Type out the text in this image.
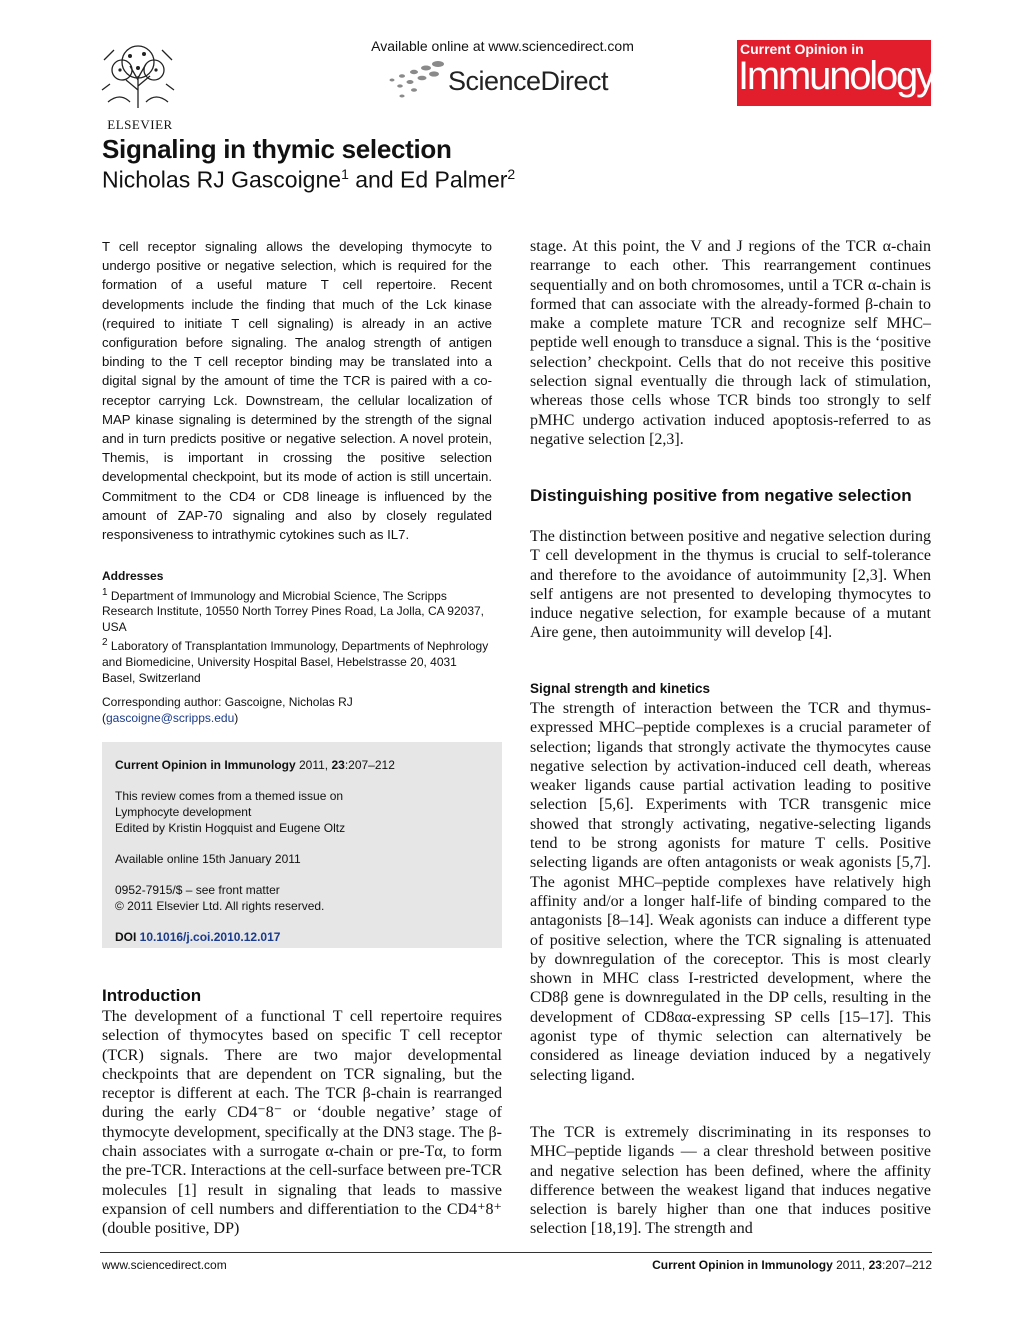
ELSEVIER
Available online at www.sciencedirect.com
ScienceDirect
Current Opinion in
Immunology
Signaling in thymic selection
Nicholas RJ Gascoigne$^1$ and Ed Palmer$^2$
T cell receptor signaling allows the developing thymocyte to undergo positive or negative selection, which is required for the formation of a useful mature T cell repertoire. Recent developments include the finding that much of the Lck kinase (required to initiate T cell signaling) is already in an active configuration before signaling. The analog strength of antigen binding to the T cell receptor binding may be translated into a digital signal by the amount of time the TCR is paired with a co-receptor carrying Lck. Downstream, the cellular localization of MAP kinase signaling is determined by the strength of the signal and in turn predicts positive or negative selection. A novel protein, Themis, is important in crossing the positive selection developmental checkpoint, but its mode of action is still uncertain. Commitment to the CD4 or CD8 lineage is influenced by the amount of ZAP-70 signaling and also by closely regulated responsiveness to intrathymic cytokines such as IL7.
Addresses
$^1$ Department of Immunology and Microbial Science, The Scripps Research Institute, 10550 North Torrey Pines Road, La Jolla, CA 92037, USA
$^2$ Laboratory of Transplantation Immunology, Departments of Nephrology and Biomedicine, University Hospital Basel, Hebelstrasse 20, 4031 Basel, Switzerland
Corresponding author: Gascoigne, Nicholas RJ
(gascoigne@scripps.edu)

Current Opinion in Immunology 2011, 23:207–212

This review comes from a themed issue on
Lymphocyte development
Edited by Kristin Hogquist and Eugene Oltz

Available online 15th January 2011

0952-7915/$ – see front matter
© 2011 Elsevier Ltd. All rights reserved.

DOI 10.1016/j.coi.2010.12.017

Introduction
The development of a functional T cell repertoire requires selection of thymocytes based on specific T cell receptor (TCR) signals. There are two major developmental checkpoints that are dependent on TCR signaling, but the receptor is different at each. The TCR β-chain is rearranged during the early CD4⁻8⁻ or ‘double negative’ stage of thymocyte development, specifically at the DN3 stage. The β-chain associates with a surrogate α-chain or pre-Tα, to form the pre-TCR. Interactions at the cell-surface between pre-TCR molecules [1] result in signaling that leads to massive expansion of cell numbers and differentiation to the CD4⁺8⁺ (double positive, DP)
stage. At this point, the V and J regions of the TCR α-chain rearrange to each other. This rearrangement continues sequentially and on both chromosomes, until a TCR α-chain is formed that can associate with the already-formed β-chain to make a complete mature TCR and recognize self MHC–peptide well enough to transduce a signal. This is the ‘positive selection’ checkpoint. Cells that do not receive this positive selection signal eventually die through lack of stimulation, whereas those cells whose TCR binds too strongly to self pMHC undergo activation induced apoptosis-referred to as negative selection [2,3].
Distinguishing positive from negative selection
The distinction between positive and negative selection during T cell development in the thymus is crucial to self-tolerance and therefore to the avoidance of autoimmunity [2,3]. When self antigens are not presented to developing thymocytes to induce negative selection, for example because of a mutant Aire gene, then autoimmunity will develop [4].
Signal strength and kinetics
The strength of interaction between the TCR and thymus-expressed MHC–peptide complexes is a crucial parameter of selection; ligands that strongly activate the thymocytes cause negative selection by activation-induced cell death, whereas weaker ligands cause partial activation leading to positive selection [5,6]. Experiments with TCR transgenic mice showed that strongly activating, negative-selecting ligands tend to be strong agonists for mature T cells. Positive selecting ligands are often antagonists or weak agonists [5,7]. The agonist MHC–peptide complexes have relatively high affinity and/or a longer half-life of binding compared to the antagonists [8–14]. Weak agonists can induce a different type of positive selection, where the TCR signaling is attenuated by downregulation of the coreceptor. This is most clearly shown in MHC class I-restricted development, where the CD8β gene is downregulated in the DP cells, resulting in the development of CD8αα-expressing SP cells [15–17]. This agonist type of thymic selection can alternatively be considered as lineage deviation induced by a negatively selecting ligand.
The TCR is extremely discriminating in its responses to MHC–peptide ligands — a clear threshold between positive and negative selection has been defined, where the affinity difference between the weakest ligand that induces negative selection is barely higher than one that induces positive selection [18,19]. The strength and
www.sciencedirect.com	Current Opinion in Immunology 2011, 23:207–212
